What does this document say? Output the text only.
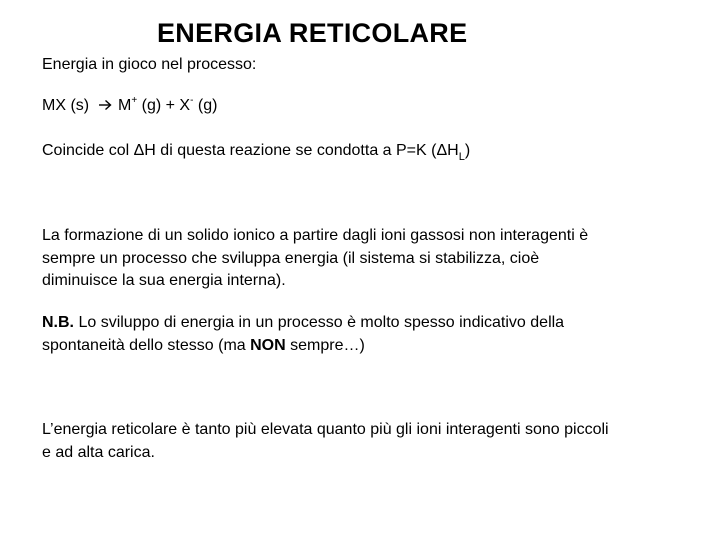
ENERGIA RETICOLARE
Energia in gioco nel processo:
MX (s) M+ (g) + X- (g)
Coincide col ΔH di questa reazione se condotta a P=K $(\Delta H_L)$
La formazione di un solido ionico a partire dagli ioni gassosi non interagenti è
sempre un processo che sviluppa energia (il sistema si stabilizza, cioè
diminuisce la sua energia interna).
N.B. Lo sviluppo di energia in un processo è molto spesso indicativo della
spontaneità dello stesso (ma NON sempre…)
L’energia reticolare è tanto più elevata quanto più gli ioni interagenti sono piccoli
e ad alta carica.
